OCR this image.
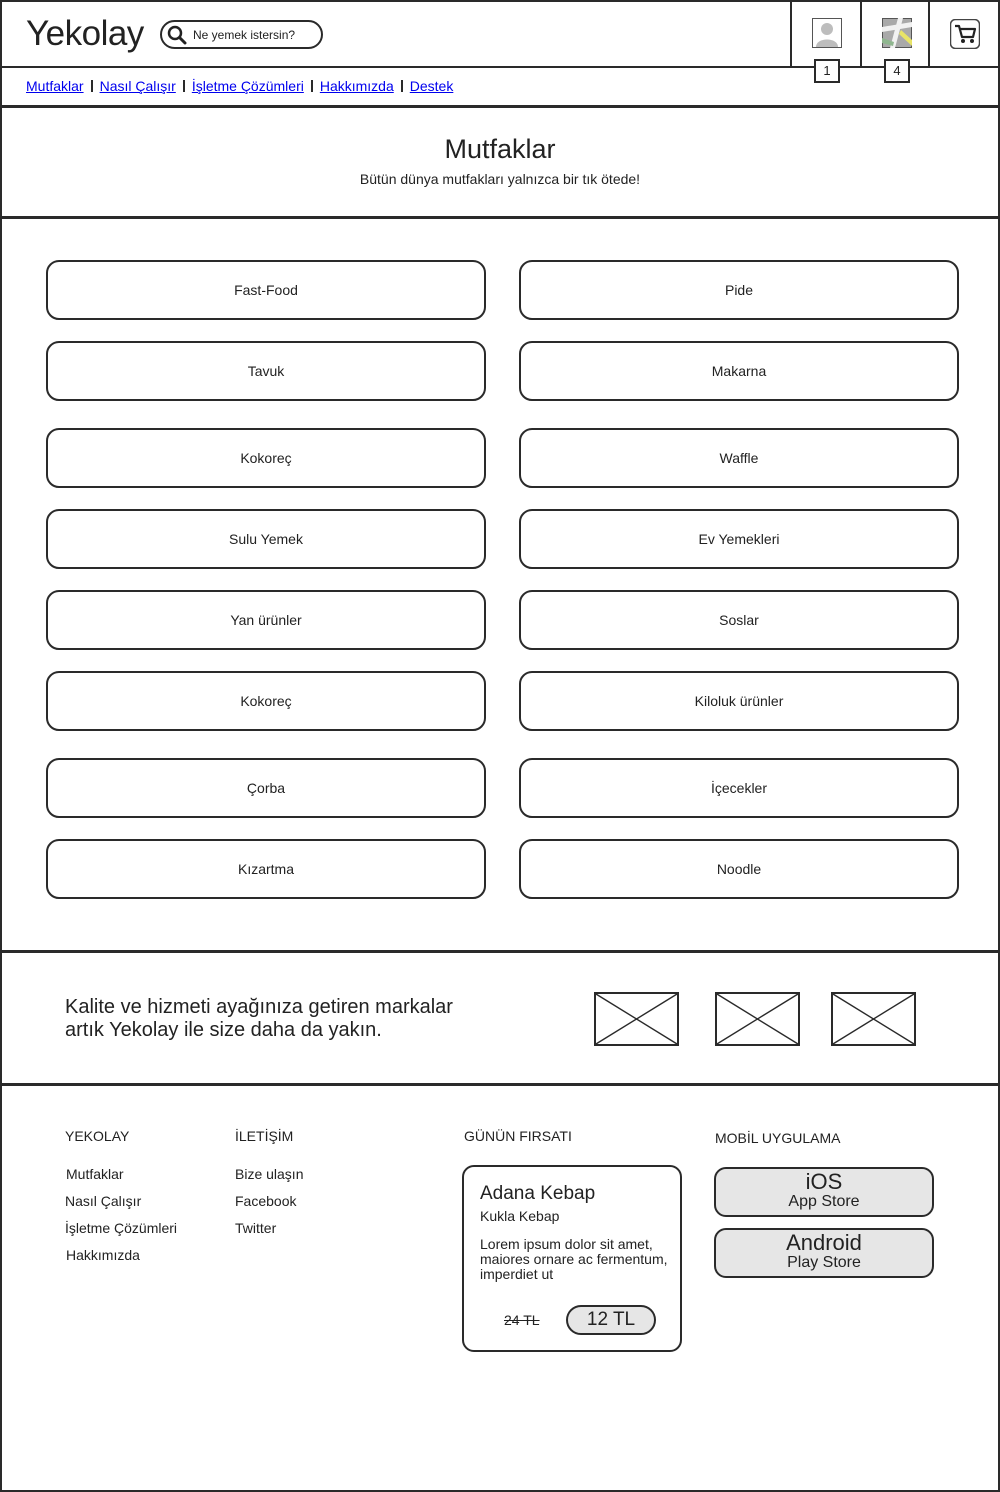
Yekolay	Ne yemek istersin?
Mutfaklar Nasıl Çalışır İşletme Çözümleri Hakkımızda Destek
1	4
Mutfaklar

Bütün dünya mutfakları yalnızca bir tık ötede!

Fast-Food	Pide
Tavuk	Makarna
Kokoreç	Waffle
Sulu Yemek	Ev Yemekleri
Yan ürünler	Soslar
Kokoreç	Kiloluk ürünler
Çorba	İçecekler
Kızartma	Noodle
Kalite ve hizmeti ayağınıza getiren markalar
artık Yekolay ile size daha da yakın.
YEKOLAY
Mutfaklar
Nasıl Çalışır
İşletme Çözümleri
Hakkımızda
İLETİŞİM
Bize ulaşın
Facebook
Twitter
GÜNÜN FIRSATI
Adana Kebap
Kukla Kebap
Lorem ipsum dolor sit amet, maiores ornare ac fermentum, imperdiet ut
24 TL	12 TL
MOBİL UYGULAMA
iOS
App Store
Android
Play Store
